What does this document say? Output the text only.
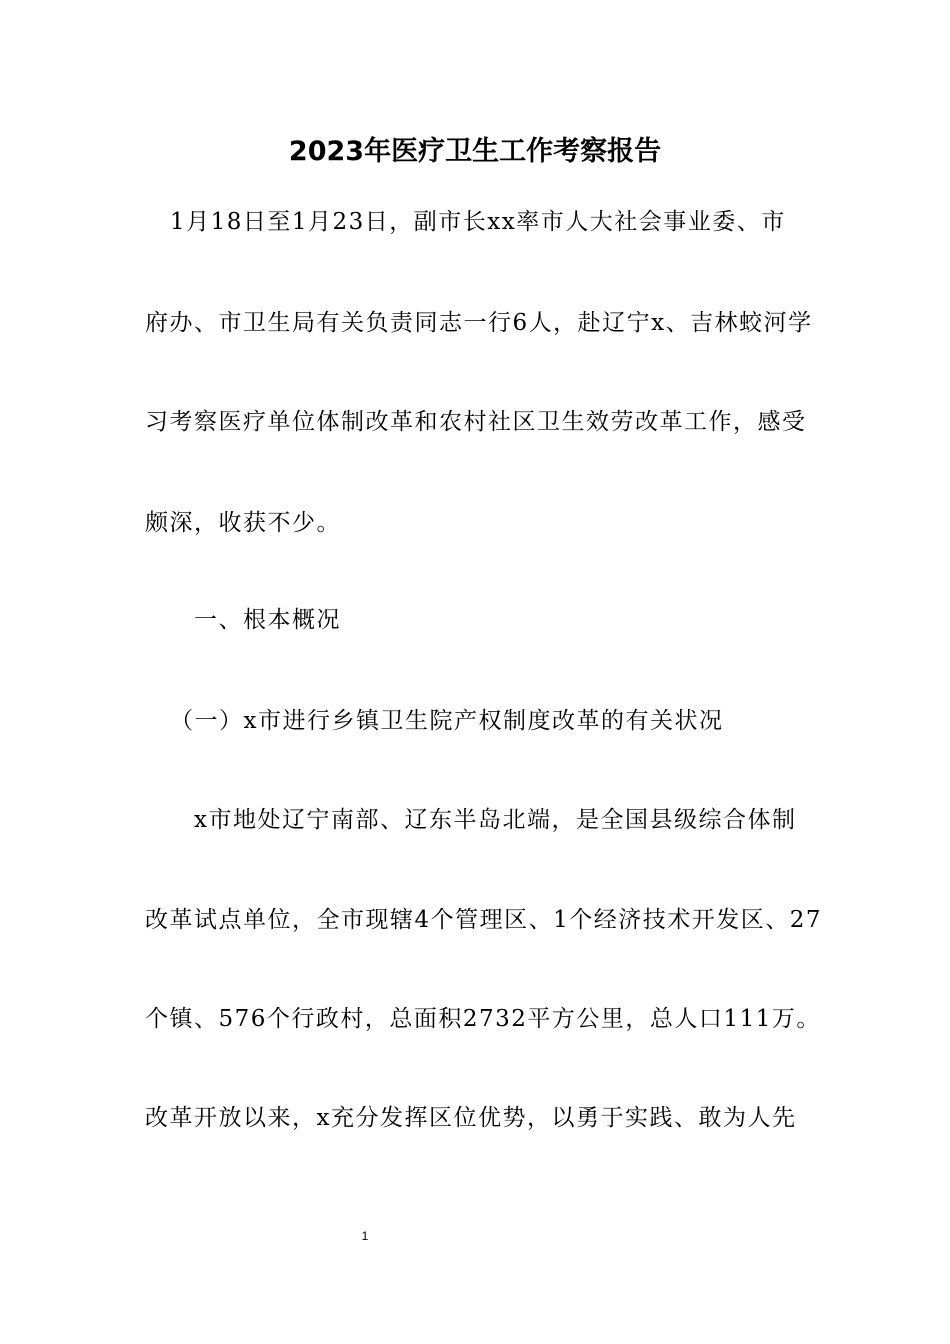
2023年医疗卫生工作考察报告

1月18日至1月23日，副市长xx率市人大社会事业委、市

府办、市卫生局有关负责同志一行6人，赴辽宁x、吉林蛟河学

习考察医疗单位体制改革和农村社区卫生效劳改革工作，感受

颇深，收获不少。

一、根本概况

（一）x市进行乡镇卫生院产权制度改革的有关状况

x市地处辽宁南部、辽东半岛北端，是全国县级综合体制

改革试点单位，全市现辖4个管理区、1个经济技术开发区、27

个镇、576个行政村，总面积2732平方公里，总人口111万。

改革开放以来，x充分发挥区位优势，以勇于实践、敢为人先

1
